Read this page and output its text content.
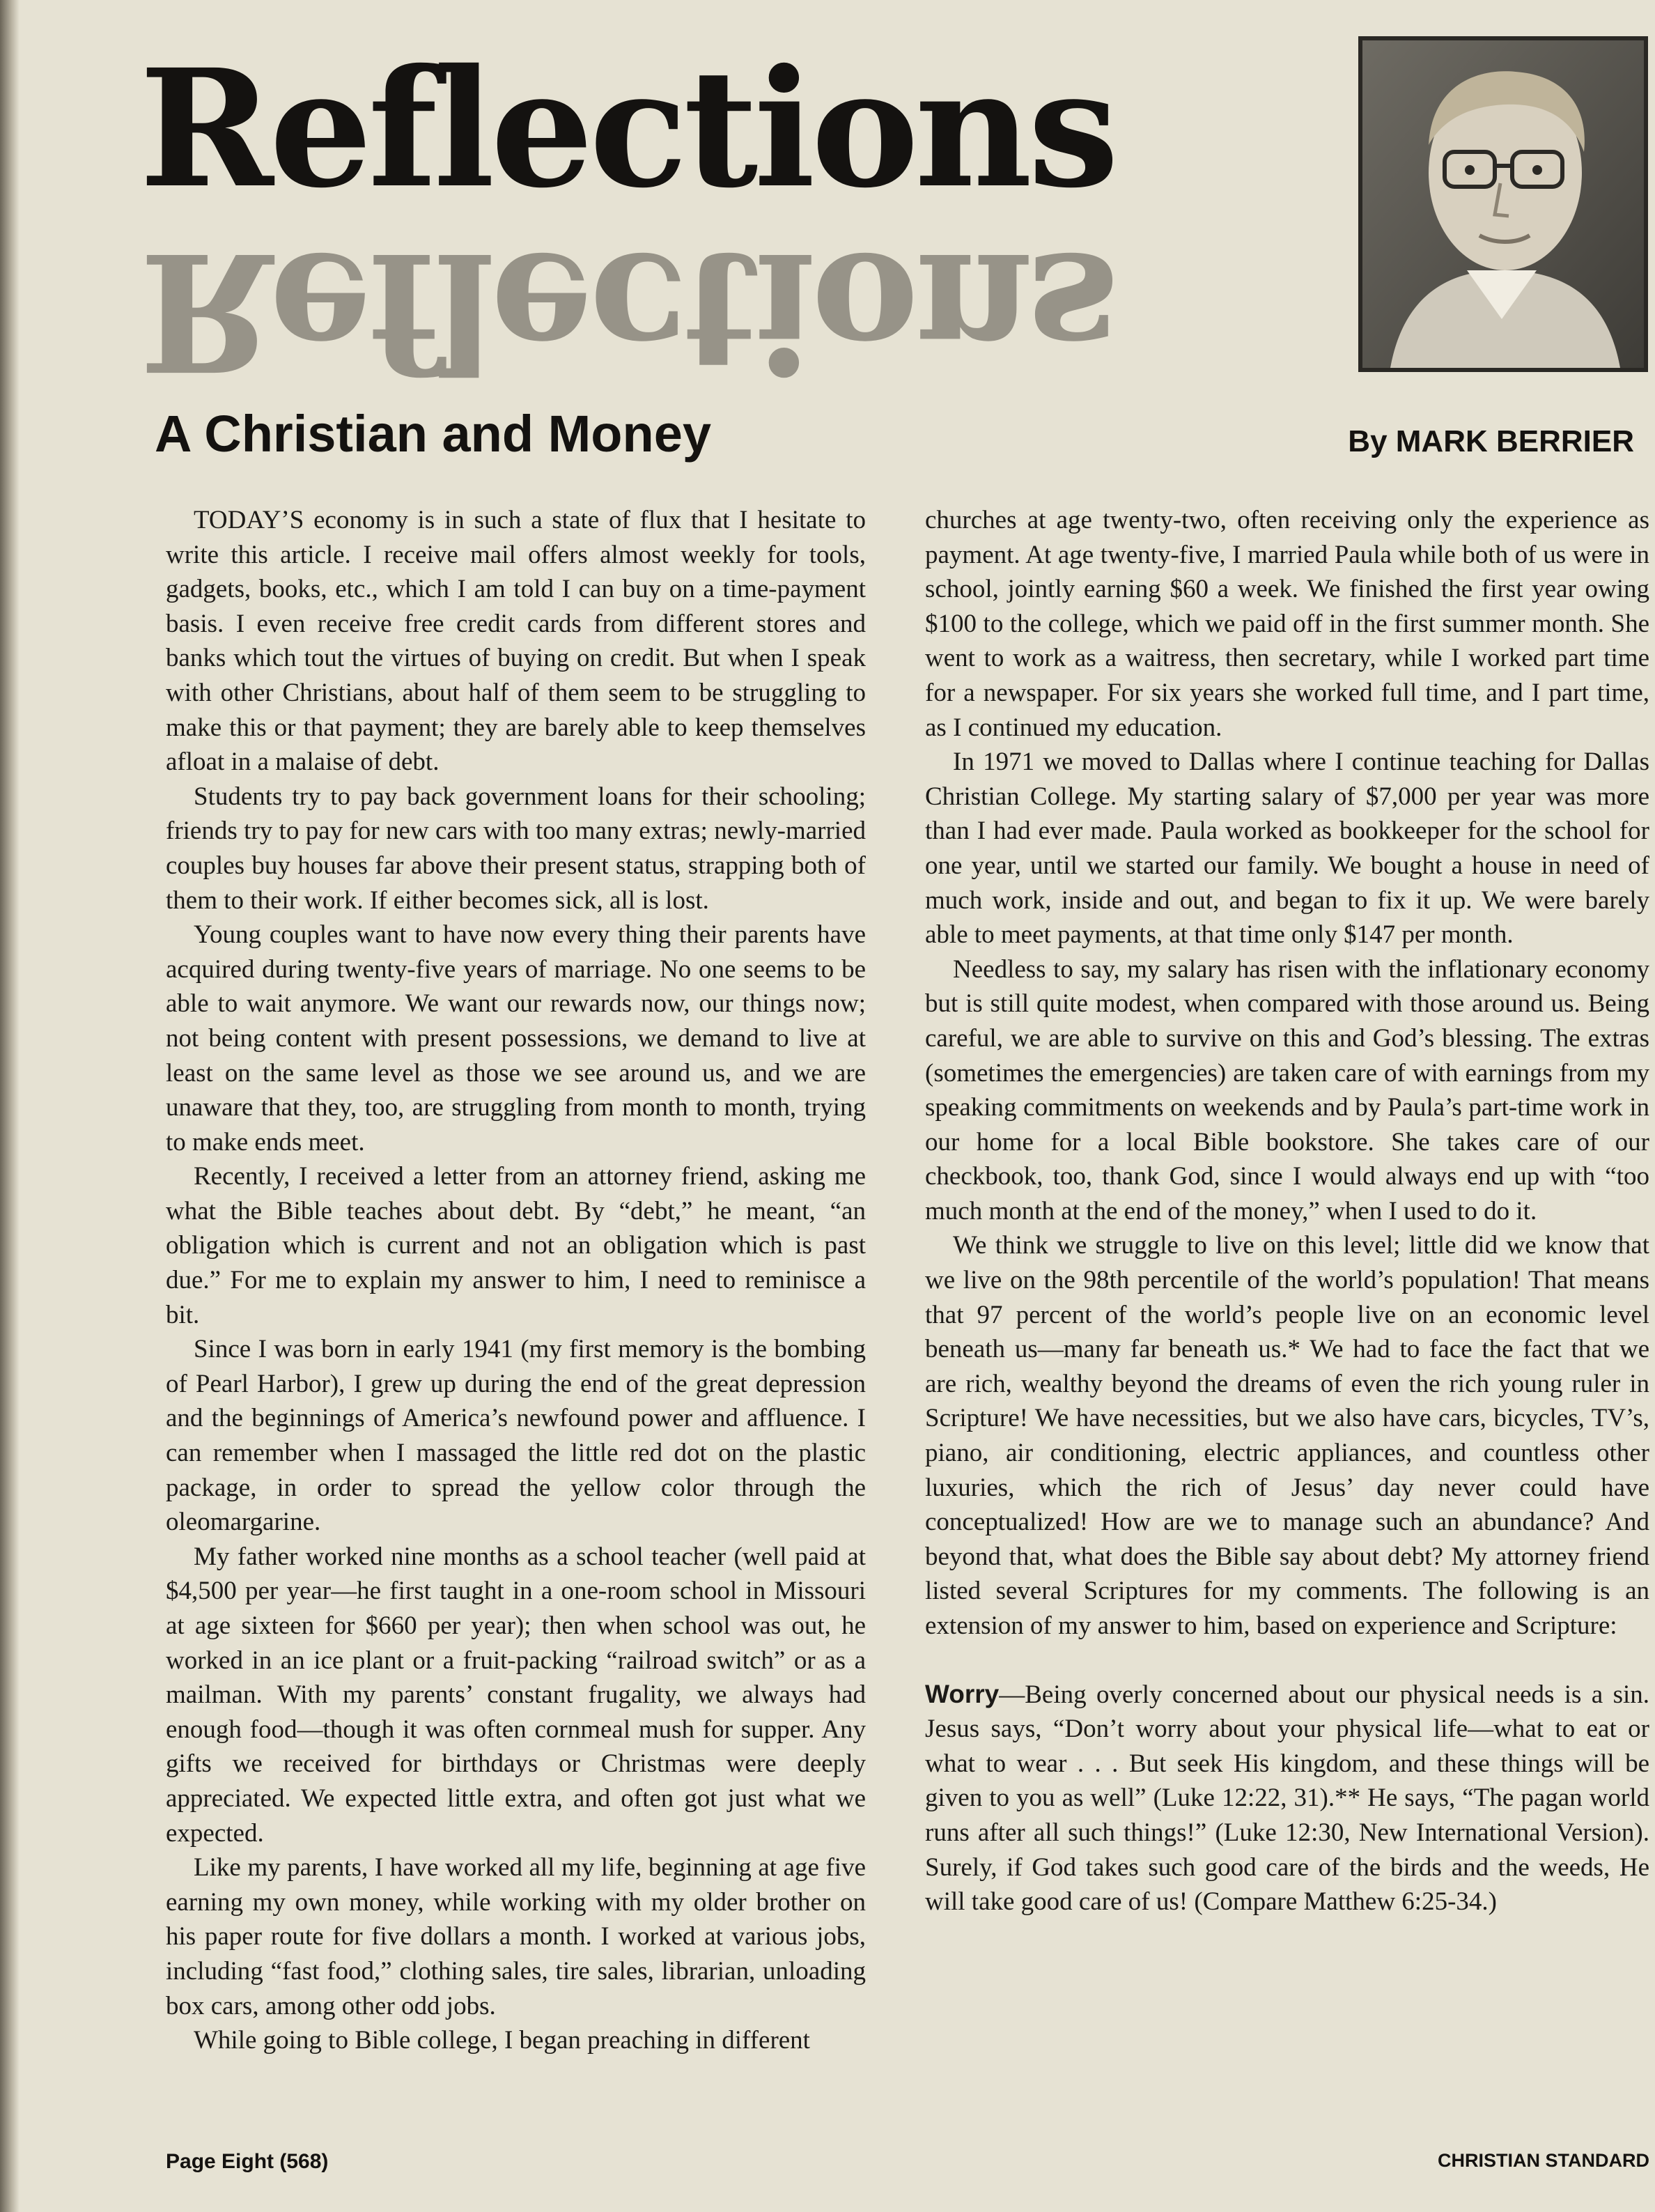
Reflections
Reflections
A Christian and Money	By MARK BERRIER

TODAY’S economy is in such a state of flux that I hesitate to write this article. I receive mail offers almost weekly for tools, gadgets, books, etc., which I am told I can buy on a time-payment basis. I even receive free credit cards from different stores and banks which tout the virtues of buying on credit. But when I speak with other Christians, about half of them seem to be struggling to make this or that payment; they are barely able to keep themselves afloat in a malaise of debt.

Students try to pay back government loans for their schooling; friends try to pay for new cars with too many extras; newly-married couples buy houses far above their present status, strapping both of them to their work. If either becomes sick, all is lost.

Young couples want to have now every thing their parents have acquired during twenty-five years of marriage. No one seems to be able to wait anymore. We want our rewards now, our things now; not being content with present possessions, we demand to live at least on the same level as those we see around us, and we are unaware that they, too, are struggling from month to month, trying to make ends meet.

Recently, I received a letter from an attorney friend, asking me what the Bible teaches about debt. By “debt,” he meant, “an obligation which is current and not an obligation which is past due.” For me to explain my answer to him, I need to reminisce a bit.

Since I was born in early 1941 (my first memory is the bombing of Pearl Harbor), I grew up during the end of the great depression and the beginnings of America’s newfound power and affluence. I can remember when I massaged the little red dot on the plastic package, in order to spread the yellow color through the oleomargarine.

My father worked nine months as a school teacher (well paid at $4,500 per year—he first taught in a one-room school in Missouri at age sixteen for $660 per year); then when school was out, he worked in an ice plant or a fruit-packing “railroad switch” or as a mailman. With my parents’ constant frugality, we always had enough food—though it was often cornmeal mush for supper. Any gifts we received for birthdays or Christmas were deeply appreciated. We expected little extra, and often got just what we expected.

Like my parents, I have worked all my life, beginning at age five earning my own money, while working with my older brother on his paper route for five dollars a month. I worked at various jobs, including “fast food,” clothing sales, tire sales, librarian, unloading box cars, among other odd jobs.

While going to Bible college, I began preaching in different

churches at age twenty-two, often receiving only the experience as payment. At age twenty-five, I married Paula while both of us were in school, jointly earning $60 a week. We finished the first year owing $100 to the college, which we paid off in the first summer month. She went to work as a waitress, then secretary, while I worked part time for a newspaper. For six years she worked full time, and I part time, as I continued my education.

In 1971 we moved to Dallas where I continue teaching for Dallas Christian College. My starting salary of $7,000 per year was more than I had ever made. Paula worked as bookkeeper for the school for one year, until we started our family. We bought a house in need of much work, inside and out, and began to fix it up. We were barely able to meet payments, at that time only $147 per month.

Needless to say, my salary has risen with the inflationary economy but is still quite modest, when compared with those around us. Being careful, we are able to survive on this and God’s blessing. The extras (sometimes the emergencies) are taken care of with earnings from my speaking commitments on weekends and by Paula’s part-time work in our home for a local Bible bookstore. She takes care of our checkbook, too, thank God, since I would always end up with “too much month at the end of the money,” when I used to do it.

We think we struggle to live on this level; little did we know that we live on the 98th percentile of the world’s population! That means that 97 percent of the world’s people live on an economic level beneath us—many far beneath us.* We had to face the fact that we are rich, wealthy beyond the dreams of even the rich young ruler in Scripture! We have necessities, but we also have cars, bicycles, TV’s, piano, air conditioning, electric appliances, and countless other luxuries, which the rich of Jesus’ day never could have conceptualized! How are we to manage such an abundance? And beyond that, what does the Bible say about debt? My attorney friend listed several Scriptures for my comments. The following is an extension of my answer to him, based on experience and Scripture:

Worry—Being overly concerned about our physical needs is a sin. Jesus says, “Don’t worry about your physical life—what to eat or what to wear . . . But seek His kingdom, and these things will be given to you as well” (Luke 12:22, 31).** He says, “The pagan world runs after all such things!” (Luke 12:30, New International Version). Surely, if God takes such good care of the birds and the weeds, He will take good care of us! (Compare Matthew 6:25-34.)

Page Eight (568)	CHRISTIAN STANDARD
